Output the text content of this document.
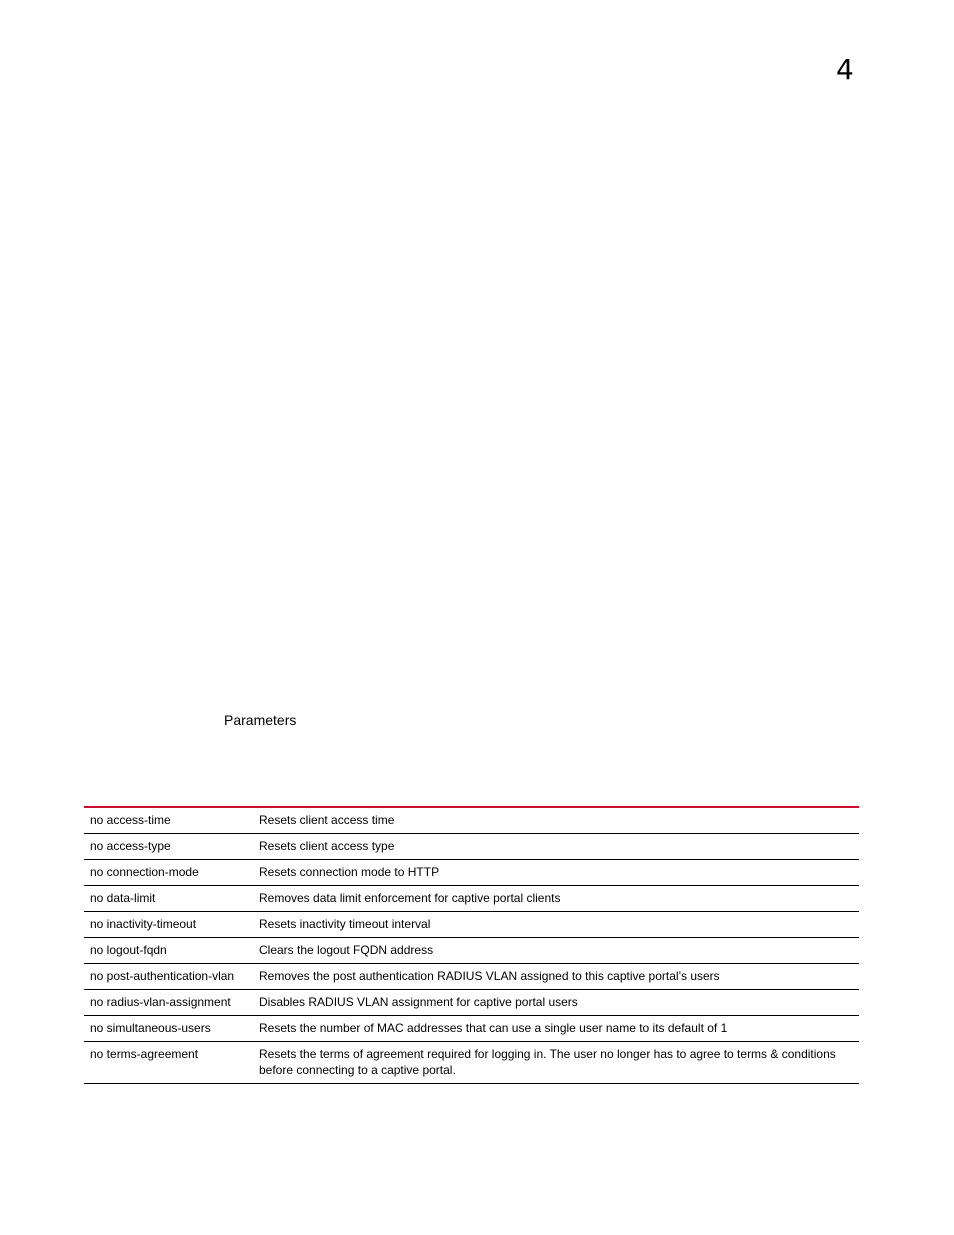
4
Parameters
no access-time	Resets client access time
no access-type	Resets client access type
no connection-mode	Resets connection mode to HTTP
no data-limit	Removes data limit enforcement for captive portal clients
no inactivity-timeout	Resets inactivity timeout interval
no logout-fqdn	Clears the logout FQDN address
no post-authentication-vlan	Removes the post authentication RADIUS VLAN assigned to this captive portal’s users
no radius-vlan-assignment	Disables RADIUS VLAN assignment for captive portal users
no simultaneous-users	Resets the number of MAC addresses that can use a single user name to its default of 1
no terms-agreement	Resets the terms of agreement required for logging in. The user no longer has to agree to terms & conditions before connecting to a captive portal.
